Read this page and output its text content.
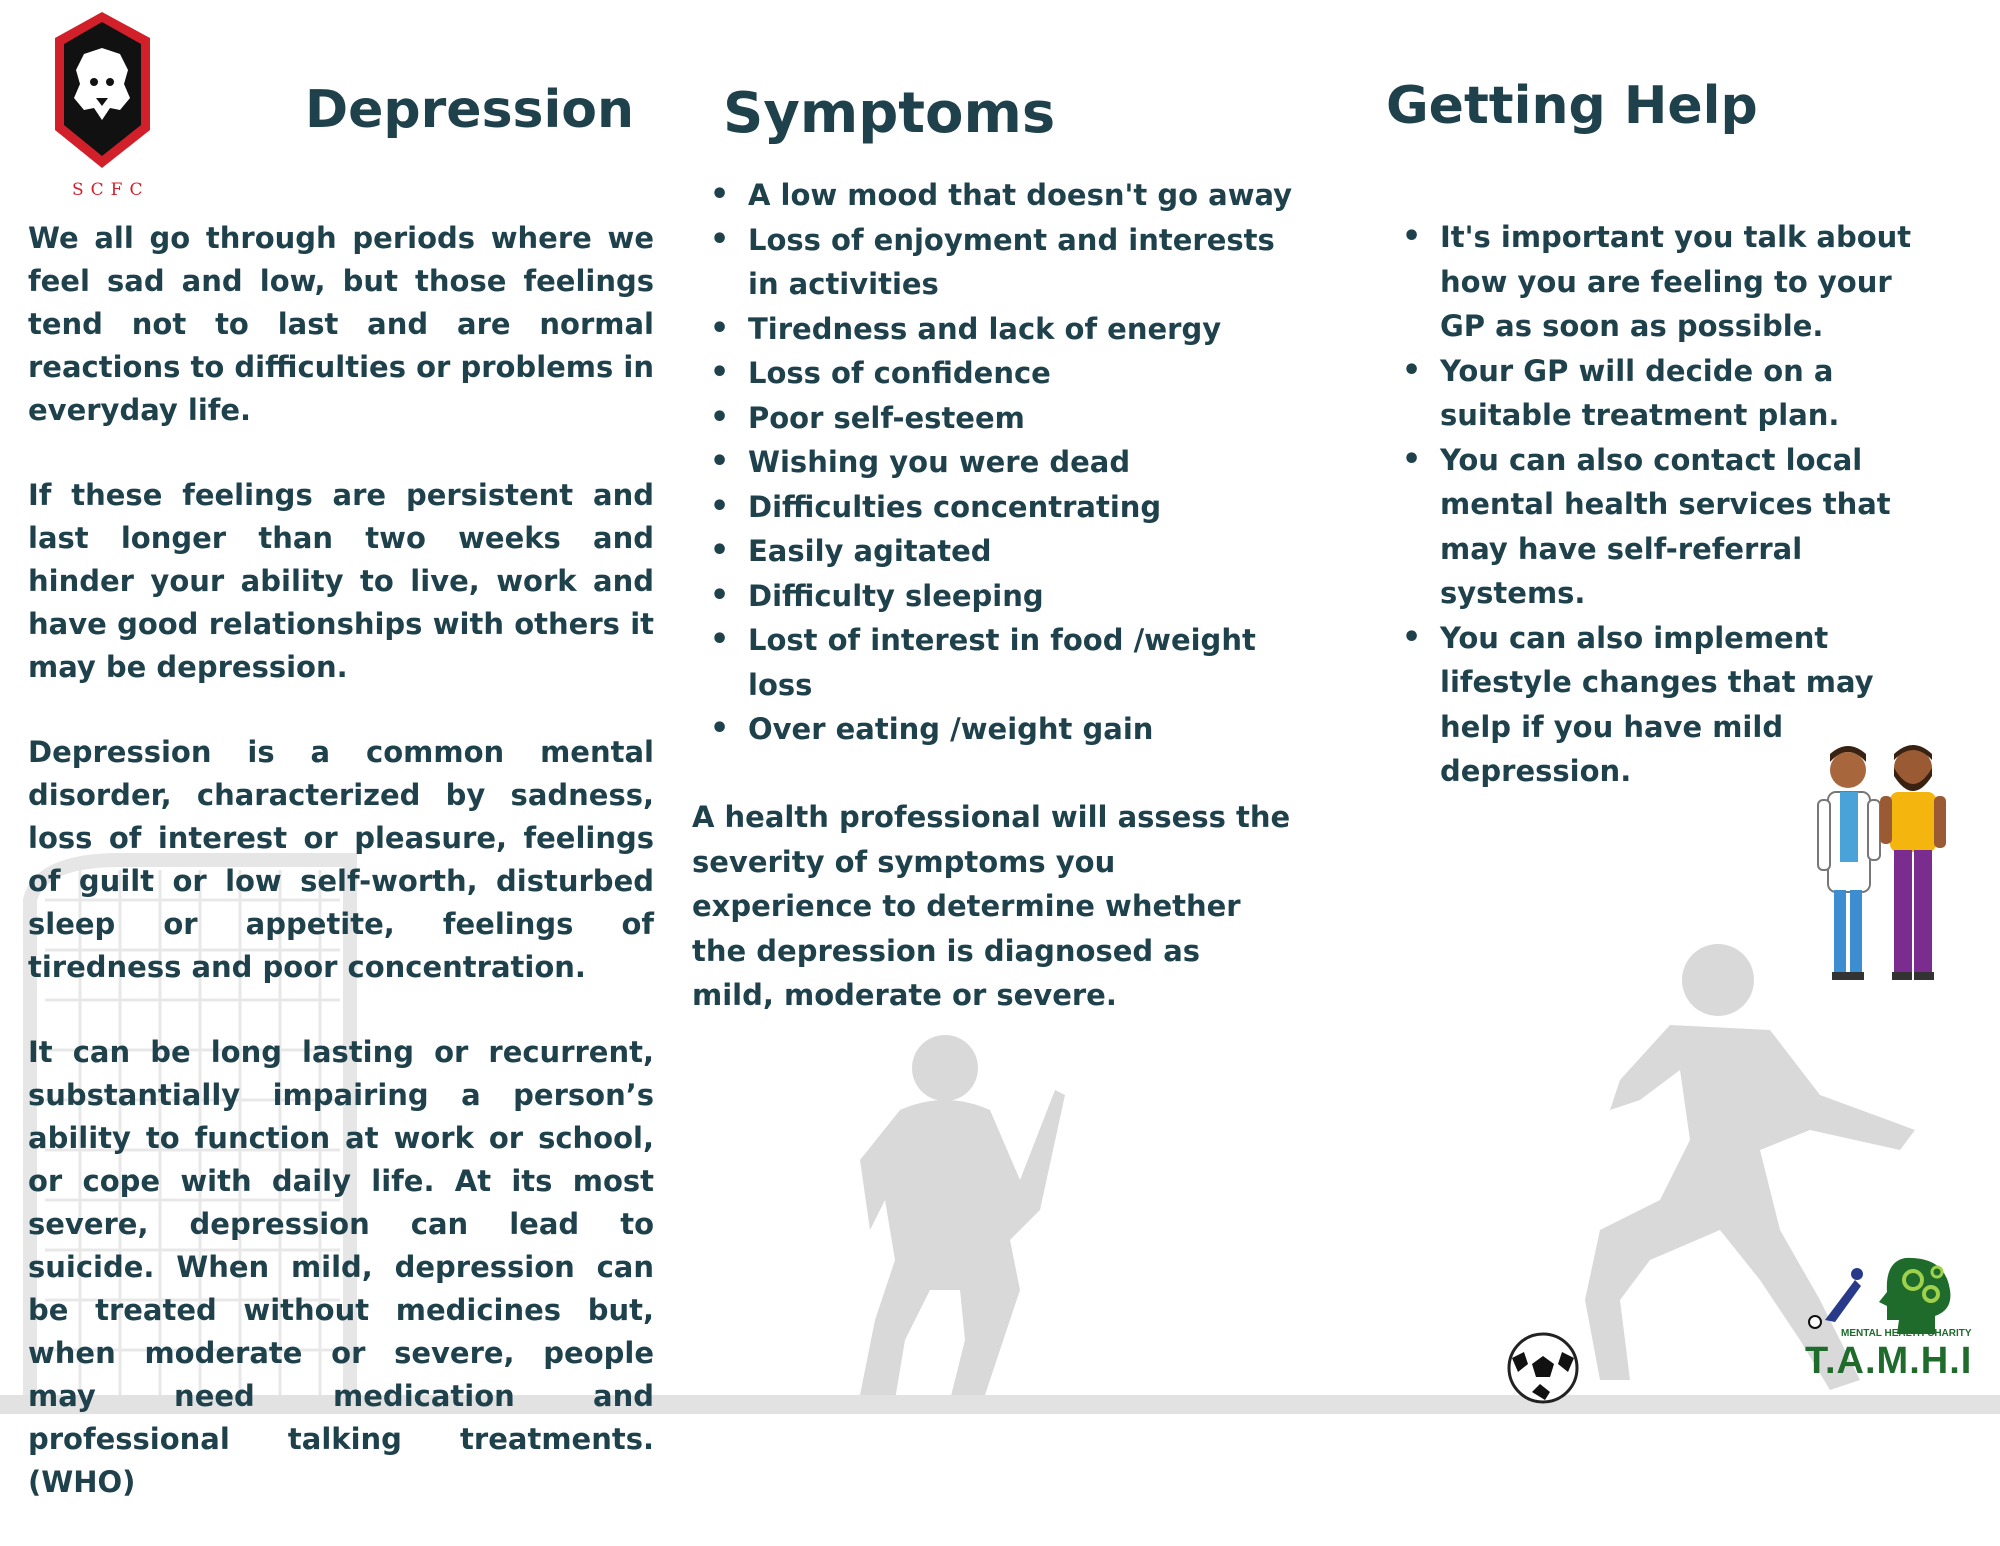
SCFC
Depression

We all go through periods where we feel sad and low, but those feelings tend not to last and are normal reactions to difficulties or problems in everyday life.

If these feelings are persistent and last longer than two weeks and hinder your ability to live, work and have good relationships with others it may be depression.

Depression is a common mental disorder, characterized by sadness, loss of interest or pleasure, feelings of guilt or low self-worth, disturbed sleep or appetite, feelings of tiredness and poor concentration.

It can be long lasting or recurrent, substantially impairing a person’s ability to function at work or school, or cope with daily life. At its most severe, depression can lead to suicide. When mild, depression can be treated without medicines but, when moderate or severe, people may need medication and professional talking treatments. (WHO)

Symptoms
• A low mood that doesn't go away
• Loss of enjoyment and interests in activities
• Tiredness and lack of energy
• Loss of confidence
• Poor self-esteem
• Wishing you were dead
• Difficulties concentrating
• Easily agitated
• Difficulty sleeping
• Lost of interest in food /weight loss
• Over eating /weight gain
A health professional will assess the severity of symptoms you experience to determine whether the depression is diagnosed as mild, moderate or severe.
Getting Help
• It's important you talk about how you are feeling to your GP as soon as possible.
• Your GP will decide on a suitable treatment plan.
• You can also contact local mental health services that may have self-referral systems.
• You can also implement lifestyle changes that may help if you have mild depression.
MENTAL HEALTH CHARITY
T.A.M.H.I
